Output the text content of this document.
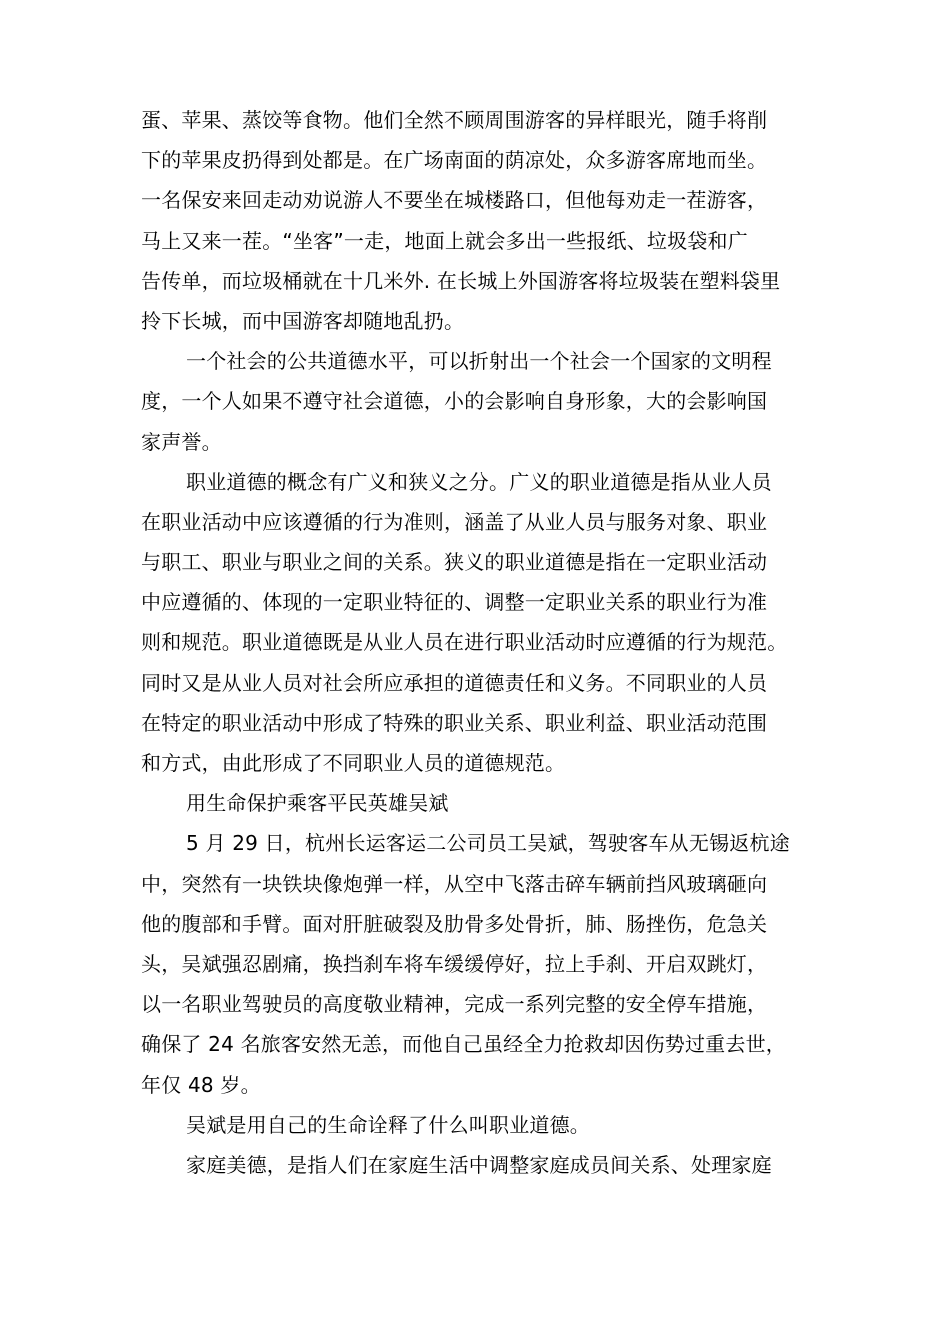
蛋、苹果、蒸饺等食物。他们全然不顾周围游客的异样眼光，随手将削
下的苹果皮扔得到处都是。在广场南面的荫凉处，众多游客席地而坐。
一名保安来回走动劝说游人不要坐在城楼路口，但他每劝走一茬游客，
马上又来一茬。“坐客”一走，地面上就会多出一些报纸、垃圾袋和广
告传单，而垃圾桶就在十几米外. 在长城上外国游客将垃圾装在塑料袋里
拎下长城，而中国游客却随地乱扔。
一个社会的公共道德水平，可以折射出一个社会一个国家的文明程
度，一个人如果不遵守社会道德，小的会影响自身形象，大的会影响国
家声誉。
职业道德的概念有广义和狭义之分。广义的职业道德是指从业人员
在职业活动中应该遵循的行为准则，涵盖了从业人员与服务对象、职业
与职工、职业与职业之间的关系。狭义的职业道德是指在一定职业活动
中应遵循的、体现的一定职业特征的、调整一定职业关系的职业行为准
则和规范。职业道德既是从业人员在进行职业活动时应遵循的行为规范。
同时又是从业人员对社会所应承担的道德责任和义务。不同职业的人员
在特定的职业活动中形成了特殊的职业关系、职业利益、职业活动范围
和方式，由此形成了不同职业人员的道德规范。
用生命保护乘客平民英雄吴斌
5 月 29 日，杭州长运客运二公司员工吴斌，驾驶客车从无锡返杭途
中，突然有一块铁块像炮弹一样，从空中飞落击碎车辆前挡风玻璃砸向
他的腹部和手臂。面对肝脏破裂及肋骨多处骨折，肺、肠挫伤，危急关
头，吴斌强忍剧痛，换挡刹车将车缓缓停好，拉上手刹、开启双跳灯，
以一名职业驾驶员的高度敬业精神，完成一系列完整的安全停车措施，
确保了 24 名旅客安然无恙，而他自己虽经全力抢救却因伤势过重去世，
年仅 48 岁。
吴斌是用自己的生命诠释了什么叫职业道德。
家庭美德，是指人们在家庭生活中调整家庭成员间关系、处理家庭
